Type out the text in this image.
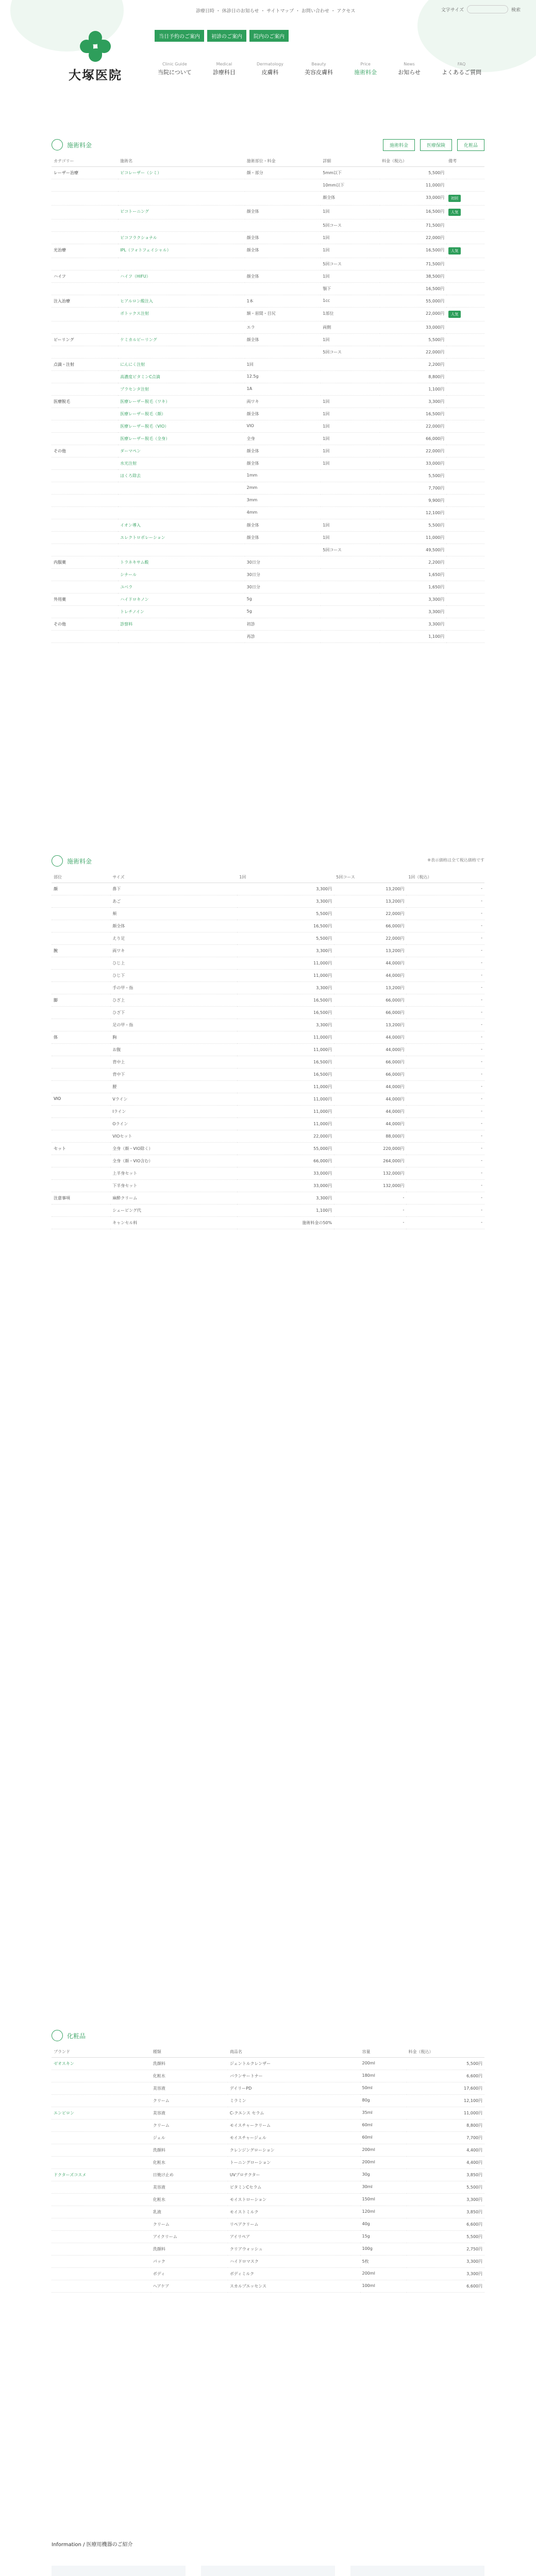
診療日時 ・ 休診日のお知らせ ・ サイトマップ ・ お問い合わせ ・ アクセス	文字サイズ	検索
大塚医院
当日予約のご案内	初診のご案内	院内のご案内
Clinic Guide
当院について
Medical
診療科目
Dermatology
皮膚科
Beauty
美容皮膚科
Price
施術料金
News
お知らせ
FAQ
よくあるご質問
施術料金	施術料金	医療保険	化粧品
カテゴリー	施術名	施術部位・料金	詳細	料金（税込）	備考
レーザー治療	ピコレーザー（シミ）	顔・部分	5mm以下	5,500円	
			10mm以下	11,000円	
			顔全体	33,000円	初回
	ピコトーニング	顔全体	1回	16,500円	人気
			5回コース	71,500円	
	ピコフラクショナル	顔全体	1回	22,000円	
光治療	IPL（フォトフェイシャル）	顔全体	1回	16,500円	人気
			5回コース	71,500円	
ハイフ	ハイフ（HIFU）	顔全体	1回	38,500円	
			顎下	16,500円	
注入治療	ヒアルロン酸注入	1本	1cc	55,000円	
	ボトックス注射	額・眉間・目尻	1部位	22,000円	人気
		エラ	両側	33,000円	
ピーリング	ケミカルピーリング	顔全体	1回	5,500円	
			5回コース	22,000円	
点滴・注射	にんにく注射	1回		2,200円	
	高濃度ビタミンC点滴	12.5g		8,800円	
	プラセンタ注射	1A		1,100円	
医療脱毛	医療レーザー脱毛（ワキ）	両ワキ	1回	3,300円	
	医療レーザー脱毛（顔）	顔全体	1回	16,500円	
	医療レーザー脱毛（VIO）	VIO	1回	22,000円	
	医療レーザー脱毛（全身）	全身	1回	66,000円	
その他	ダーマペン	顔全体	1回	22,000円	
	水光注射	顔全体	1回	33,000円	
	ほくろ除去	1mm		5,500円	
		2mm		7,700円	
		3mm		9,900円	
		4mm		12,100円	
	イオン導入	顔全体	1回	5,500円	
	エレクトロポレーション	顔全体	1回	11,000円	
			5回コース	49,500円	
内服薬	トラネキサム酸	30日分		2,200円	
	シナール	30日分		1,650円	
	ユベラ	30日分		1,650円	
外用薬	ハイドロキノン	5g		3,300円	
	トレチノイン	5g		3,300円	
その他	診察料	初診		3,300円	
		再診		1,100円	
施術料金	※表示価格は全て税込価格です
部位	サイズ	1回	5回コース	1回（税込）
顔	鼻下	3,300円	13,200円	-
	あご	3,300円	13,200円	-
	頬	5,500円	22,000円	-
	顔全体	16,500円	66,000円	-
	えり足	5,500円	22,000円	-
腕	両ワキ	3,300円	13,200円	-
	ひじ上	11,000円	44,000円	-
	ひじ下	11,000円	44,000円	-
	手の甲・指	3,300円	13,200円	-
脚	ひざ上	16,500円	66,000円	-
	ひざ下	16,500円	66,000円	-
	足の甲・指	3,300円	13,200円	-
体	胸	11,000円	44,000円	-
	お腹	11,000円	44,000円	-
	背中上	16,500円	66,000円	-
	背中下	16,500円	66,000円	-
	腰	11,000円	44,000円	-
VIO	Vライン	11,000円	44,000円	-
	Iライン	11,000円	44,000円	-
	Oライン	11,000円	44,000円	-
	VIOセット	22,000円	88,000円	-
セット	全身（顔・VIO除く）	55,000円	220,000円	-
	全身（顔・VIO含む）	66,000円	264,000円	-
	上半身セット	33,000円	132,000円	-
	下半身セット	33,000円	132,000円	-
注意事項	麻酔クリーム	3,300円	-	-
	シェービング代	1,100円	-	-
	キャンセル料	施術料金の50%	-	-
化粧品
ブランド	種類	商品名	容量	料金（税込）
ゼオスキン	洗顔料	ジェントルクレンザー	200ml	5,500円
	化粧水	バランサートナー	180ml	6,600円
	美容液	デイリーPD	50ml	17,600円
	クリーム	ミラミン	80g	12,100円
エンビロン	美容液	C-クエンス セラム	35ml	11,000円
	クリーム	モイスチャークリーム	60ml	8,800円
	ジェル	モイスチャージェル	60ml	7,700円
	洗顔料	クレンジングローション	200ml	4,400円
	化粧水	トーニングローション	200ml	4,400円
ドクターズコスメ	日焼け止め	UVプロテクター	30g	3,850円
	美容液	ビタミンCセラム	30ml	5,500円
	化粧水	モイストローション	150ml	3,300円
	乳液	モイストミルク	120ml	3,850円
	クリーム	リペアクリーム	40g	6,600円
	アイクリーム	アイリペア	15g	5,500円
	洗顔料	クリアウォッシュ	100g	2,750円
	パック	ハイドロマスク	5枚	3,300円
	ボディ	ボディミルク	200ml	3,300円
	ヘアケア	スカルプエッセンス	100ml	6,600円
Information / 医療用機器のご紹介
